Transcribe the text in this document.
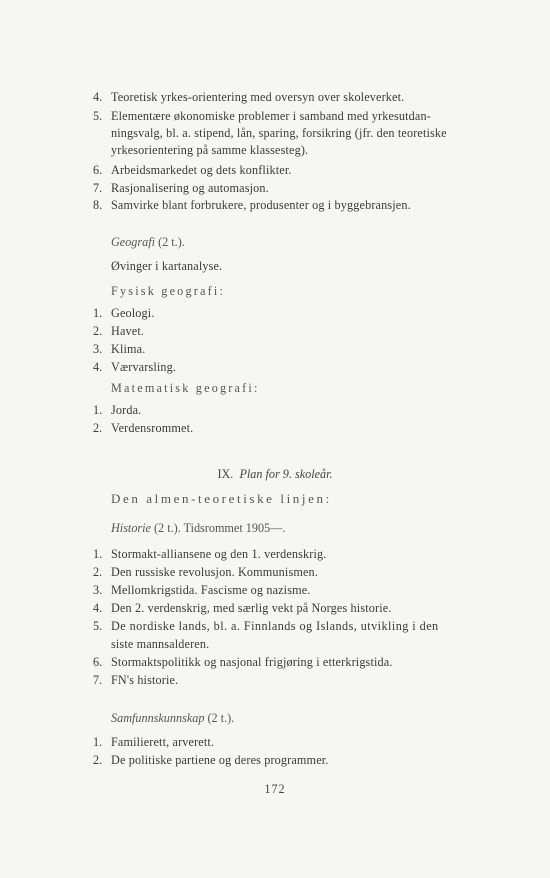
4. Teoretisk yrkes-orientering med oversyn over skoleverket.
5. Elementære økonomiske problemer i samband med yrkesutdan-
ningsvalg, bl. a. stipend, lån, sparing, forsikring (jfr. den teoretiske
yrkesorientering på samme klassesteg).
6. Arbeidsmarkedet og dets konflikter.
7. Rasjonalisering og automasjon.
8. Samvirke blant forbrukere, produsenter og i byggebransjen.
Geografi (2 t.).
Øvinger i kartanalyse.
Fysisk geografi:
1. Geologi.
2. Havet.
3. Klima.
4. Værvarsling.
Matematisk geografi:
1. Jorda.
2. Verdensrommet.
IX. Plan for 9. skoleår.
Den almen-teoretiske linjen:
Historie (2 t.). Tidsrommet 1905—.
1. Stormakt-alliansene og den 1. verdenskrig.
2. Den russiske revolusjon. Kommunismen.
3. Mellomkrigstida. Fascisme og nazisme.
4. Den 2. verdenskrig, med særlig vekt på Norges historie.
5. De nordiske lands, bl. a. Finnlands og Islands, utvikling i den
siste mannsalderen.
6. Stormaktspolitikk og nasjonal frigjøring i etterkrigstida.
7. FN's historie.
Samfunnskunnskap (2 t.).
1. Familierett, arverett.
2. De politiske partiene og deres programmer.
172
